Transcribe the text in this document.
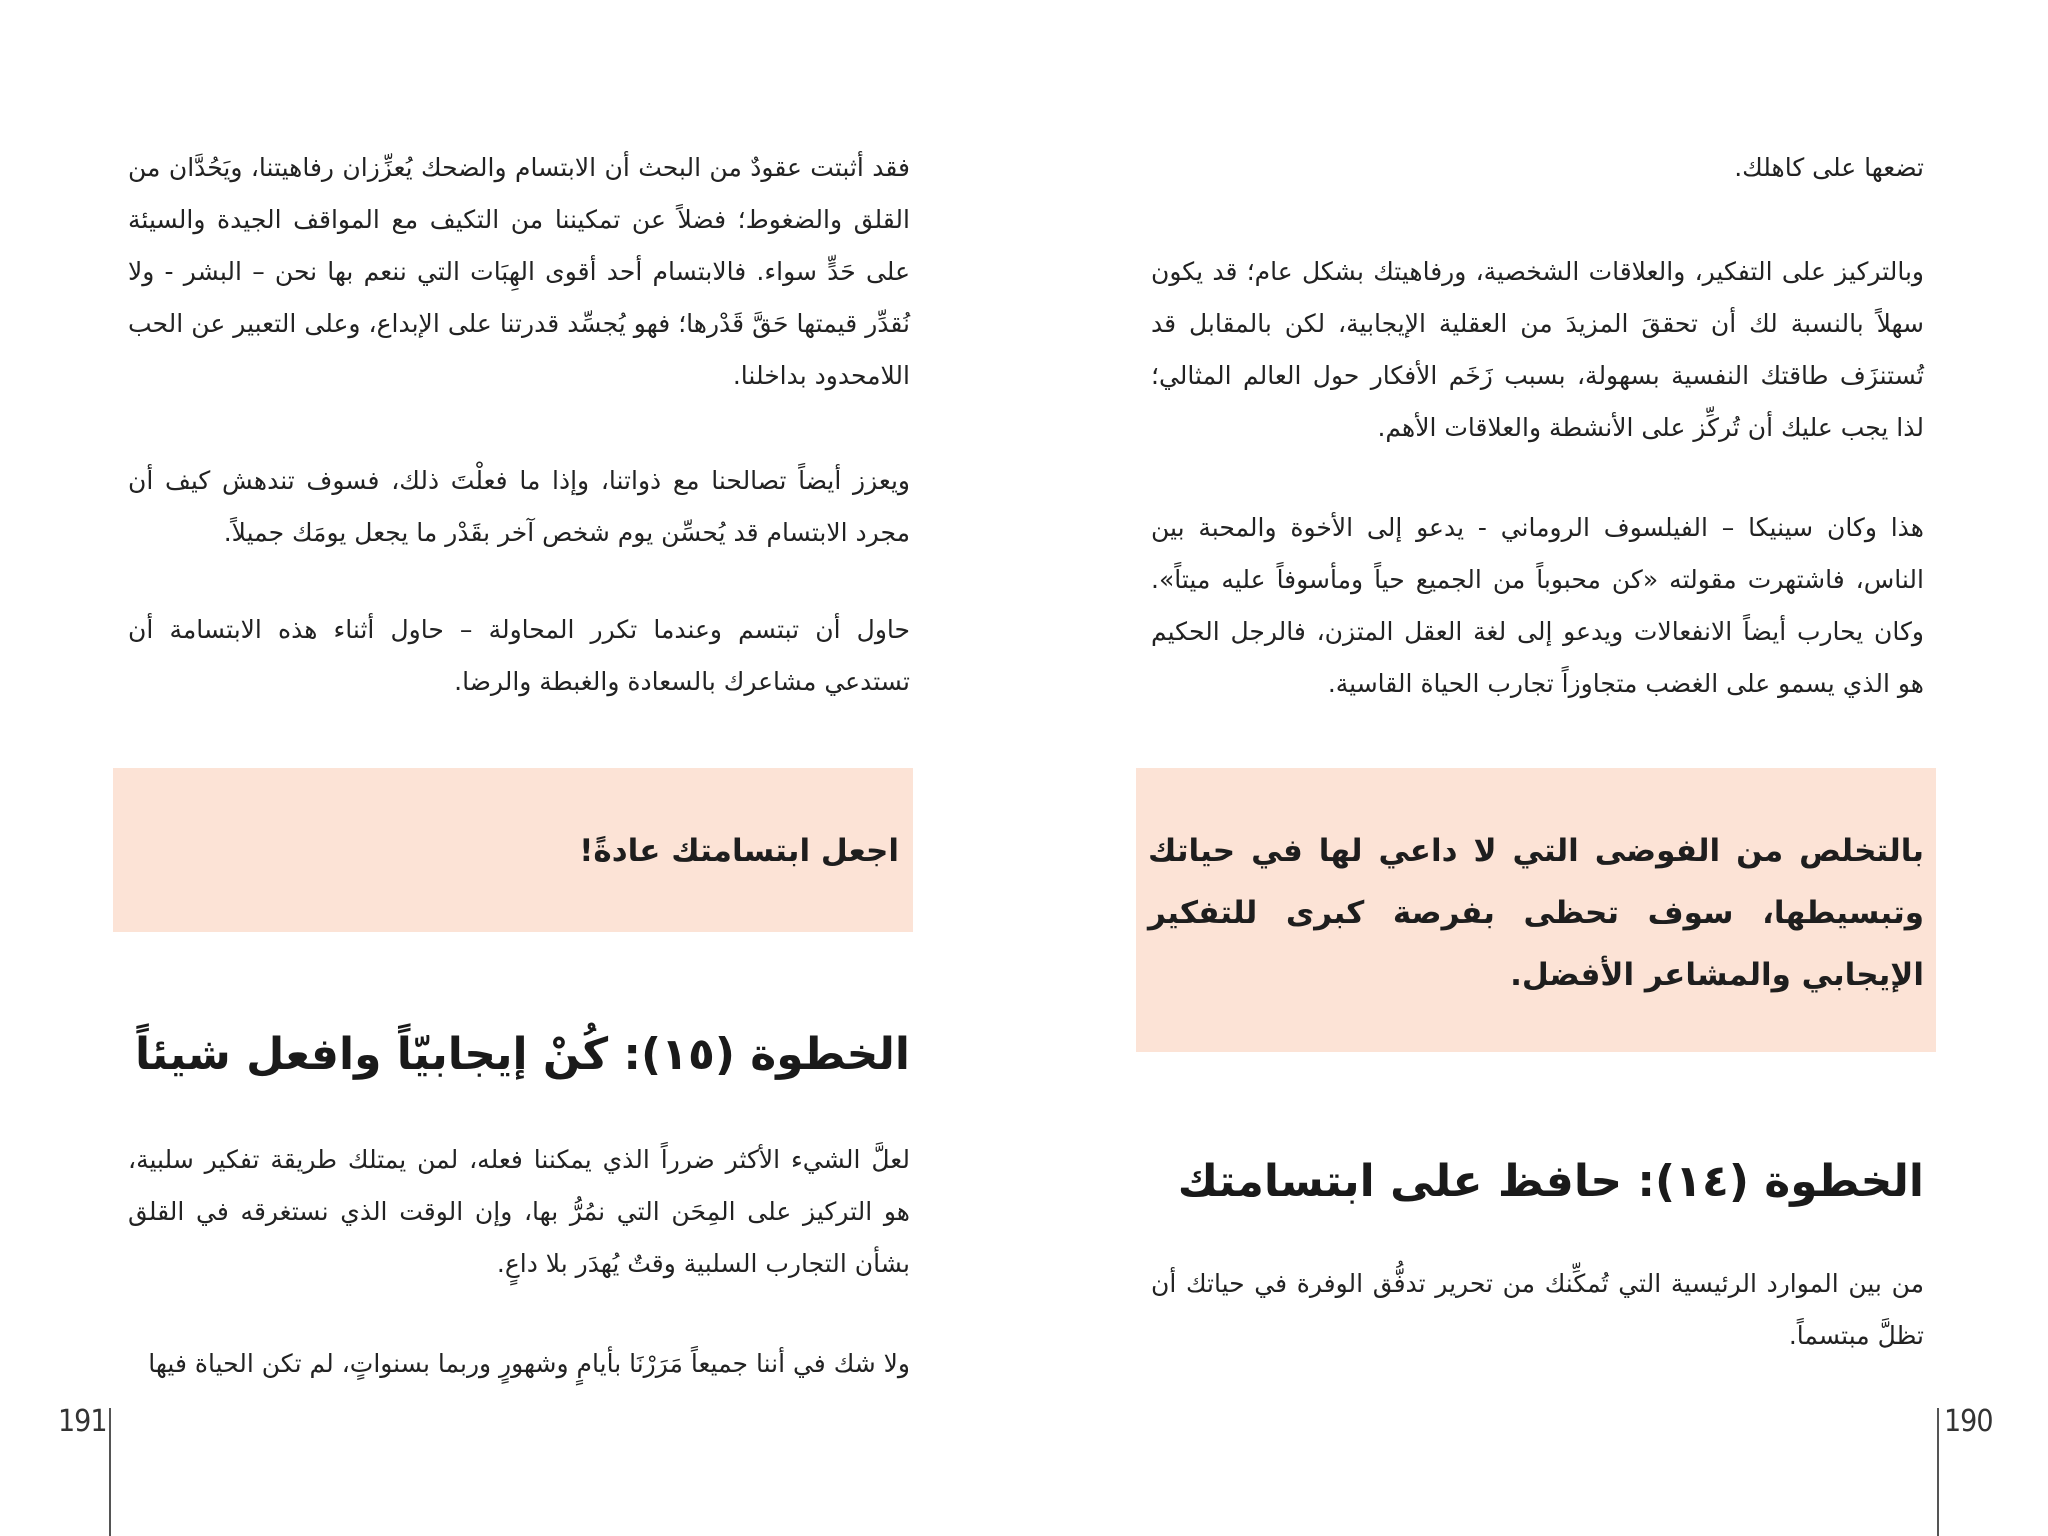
فقد أثبتت عقودٌ من البحث أن الابتسام والضحك يُعزِّزان رفاهيتنا، ويَحُدَّان من القلق والضغوط؛ فضلاً عن تمكيننا من التكيف مع المواقف الجيدة والسيئة على حَدٍّ سواء. فالابتسام أحد أقوى الهِبَات التي ننعم بها نحن – البشر - ولا نُقدِّر قيمتها حَقَّ قَدْرها؛ فهو يُجسِّد قدرتنا على الإبداع، وعلى التعبير عن الحب اللامحدود بداخلنا.

ويعزز أيضاً تصالحنا مع ذواتنا، وإذا ما فعلْتَ ذلك، فسوف تندهش كيف أن مجرد الابتسام قد يُحسِّن يوم شخص آخر بقَدْر ما يجعل يومَك جميلاً.

حاول أن تبتسم وعندما تكرر المحاولة – حاول أثناء هذه الابتسامة أن تستدعي مشاعرك بالسعادة والغبطة والرضا.

الخطوة (١٥): كُنْ إيجابيّاً وافعل شيئاً

لعلَّ الشيء الأكثر ضرراً الذي يمكننا فعله، لمن يمتلك طريقة تفكير سلبية، هو التركيز على المِحَن التي نمُرُّ بها، وإن الوقت الذي نستغرقه في القلق بشأن التجارب السلبية وقتٌ يُهدَر بلا داعٍ.

ولا شك في أننا جميعاً مَرَرْنَا بأيامٍ وشهورٍ وربما بسنواتٍ، لم تكن الحياة فيها

اجعل ابتسامتك عادةً!

تضعها على كاهلك.

وبالتركيز على التفكير، والعلاقات الشخصية، ورفاهيتك بشكل عام؛ قد يكون سهلاً بالنسبة لك أن تحققَ المزيدَ من العقلية الإيجابية، لكن بالمقابل قد تُستنزَف طاقتك النفسية بسهولة، بسبب زَخَم الأفكار حول العالم المثالي؛ لذا يجب عليك أن تُركِّز على الأنشطة والعلاقات الأهم.

هذا وكان سينيكا – الفيلسوف الروماني - يدعو إلى الأخوة والمحبة بين الناس، فاشتهرت مقولته «كن محبوباً من الجميع حياً ومأسوفاً عليه ميتاً». وكان يحارب أيضاً الانفعالات ويدعو إلى لغة العقل المتزن، فالرجل الحكيم هو الذي يسمو على الغضب متجاوزاً تجارب الحياة القاسية.

الخطوة (١٤): حافظ على ابتسامتك

من بين الموارد الرئيسية التي تُمكِّنك من تحرير تدفُّق الوفرة في حياتك أن تظلَّ مبتسماً.

بالتخلص من الفوضى التي لا داعي لها في حياتك وتبسيطها، سوف تحظى بفرصة كبرى للتفكير الإيجابي والمشاعر الأفضل.

191	190
